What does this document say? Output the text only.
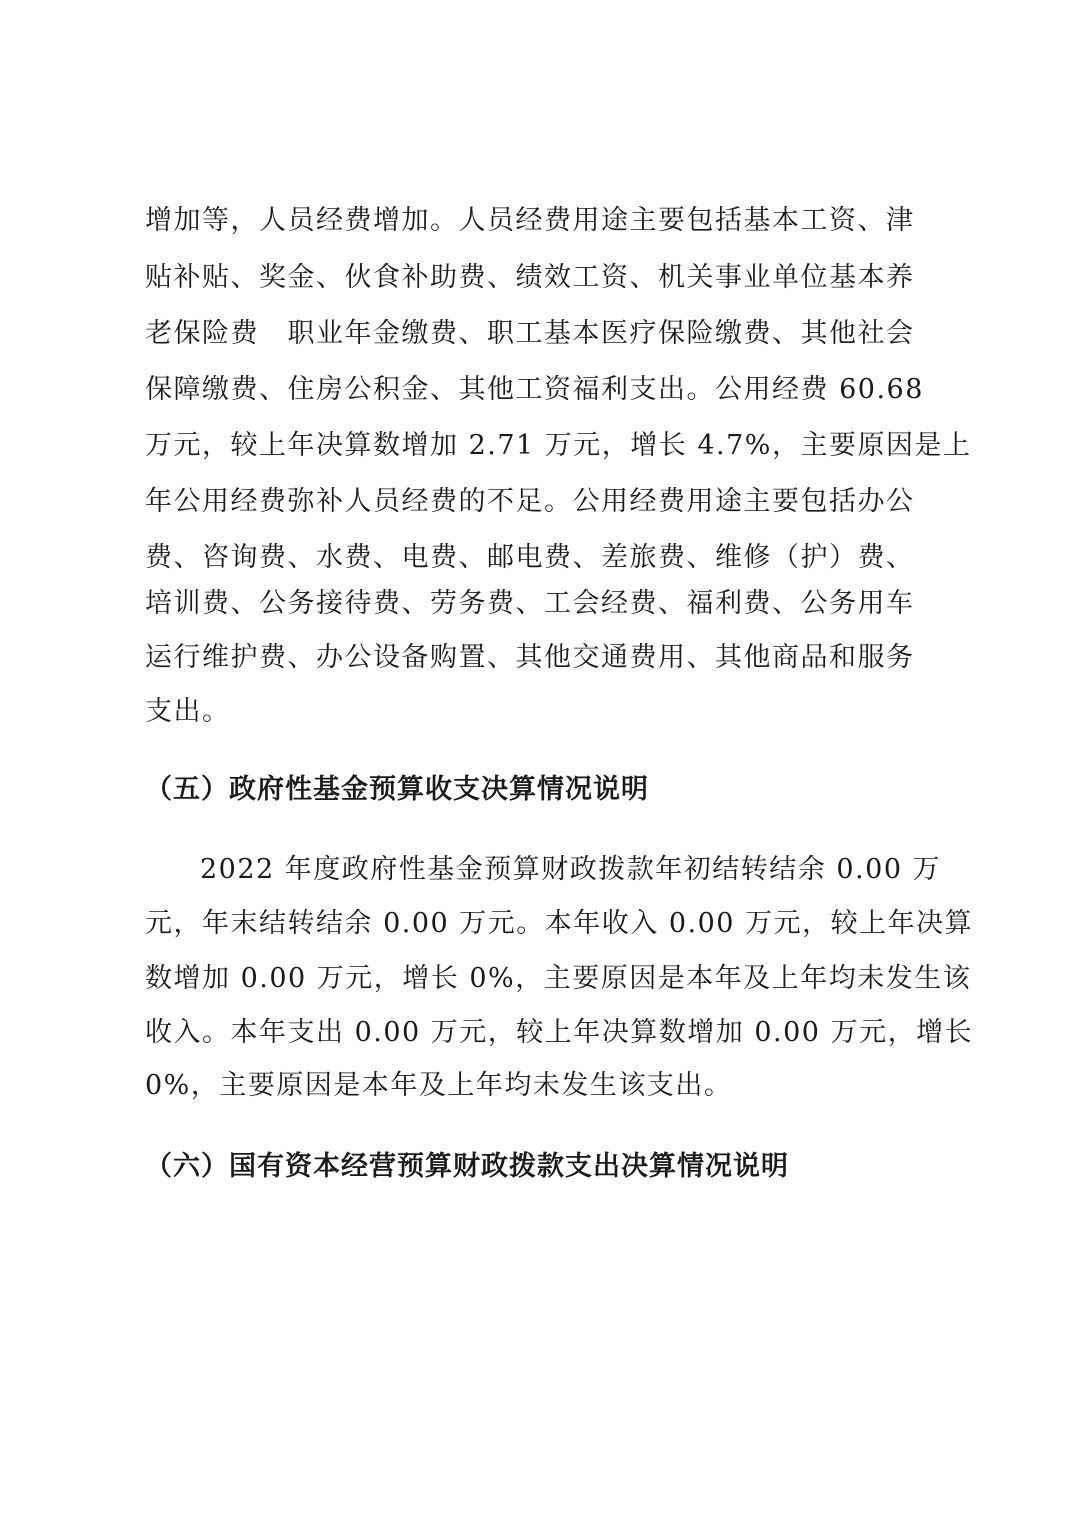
增加等，人员经费增加。人员经费用途主要包括基本工资、津
贴补贴、奖金、伙食补助费、绩效工资、机关事业单位基本养
老保险费　职业年金缴费、职工基本医疗保险缴费、其他社会
保障缴费、住房公积金、其他工资福利支出。公用经费 60.68
万元，较上年决算数增加 2.71 万元，增长 4.7%，主要原因是上
年公用经费弥补人员经费的不足。公用经费用途主要包括办公
费、咨询费、水费、电费、邮电费、差旅费、维修（护）费、
培训费、公务接待费、劳务费、工会经费、福利费、公务用车
运行维护费、办公设备购置、其他交通费用、其他商品和服务
支出。
（五）政府性基金预算收支决算情况说明
2022 年度政府性基金预算财政拨款年初结转结余 0.00 万
元，年末结转结余 0.00 万元。本年收入 0.00 万元，较上年决算
数增加 0.00 万元，增长 0%，主要原因是本年及上年均未发生该
收入。本年支出 0.00 万元，较上年决算数增加 0.00 万元，增长
0%，主要原因是本年及上年均未发生该支出。
（六）国有资本经营预算财政拨款支出决算情况说明
